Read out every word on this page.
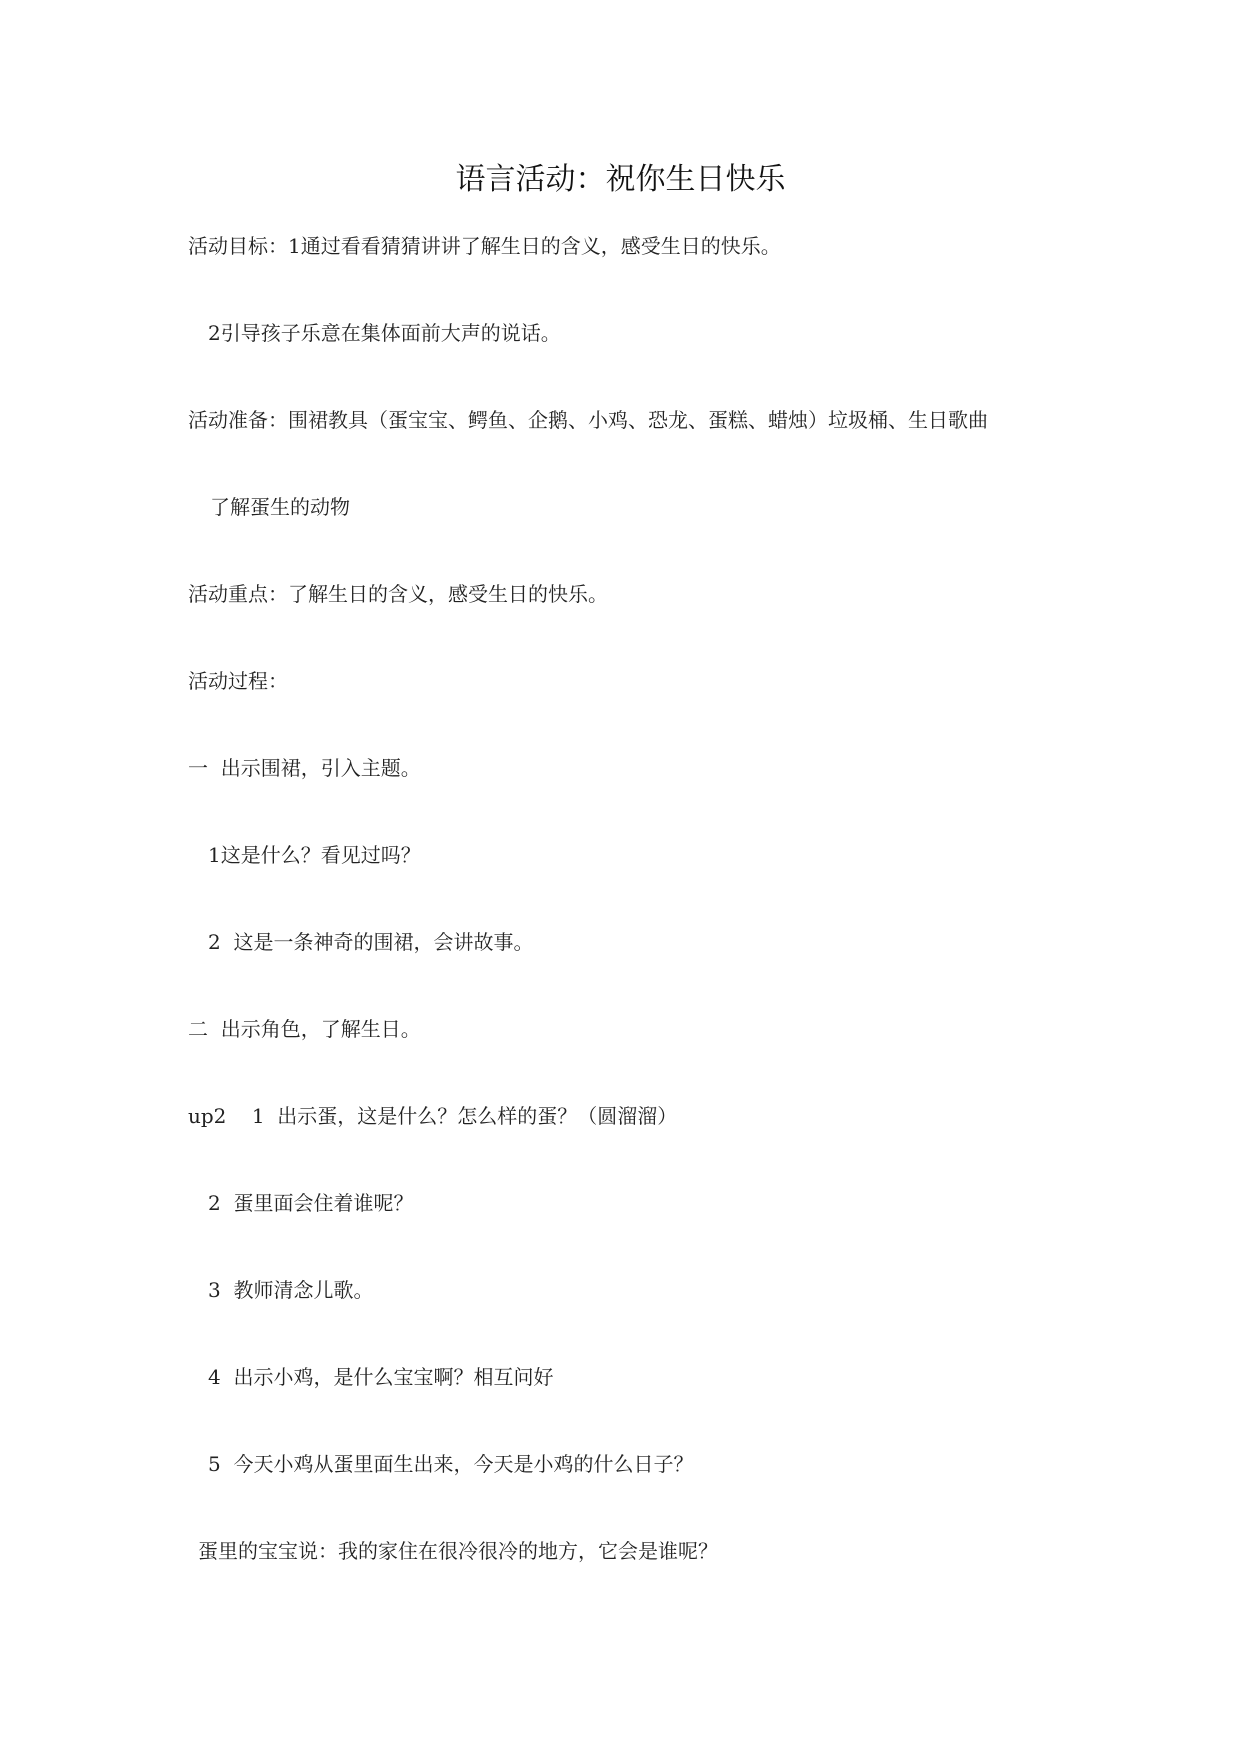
语言活动：祝你生日快乐

活动目标：1通过看看猜猜讲讲了解生日的含义，感受生日的快乐。

2引导孩子乐意在集体面前大声的说话。

活动准备：围裙教具（蛋宝宝、鳄鱼、企鹅、小鸡、恐龙、蛋糕、蜡烛）垃圾桶、生日歌曲

了解蛋生的动物

活动重点：了解生日的含义，感受生日的快乐。

活动过程：

一  出示围裙，引入主题。

1这是什么？看见过吗？

2  这是一条神奇的围裙，会讲故事。

二  出示角色，了解生日。

up2    1  出示蛋，这是什么？怎么样的蛋？（圆溜溜）

2  蛋里面会住着谁呢？

3  教师清念儿歌。

4  出示小鸡，是什么宝宝啊？相互问好

5  今天小鸡从蛋里面生出来，今天是小鸡的什么日子？

蛋里的宝宝说：我的家住在很冷很冷的地方，它会是谁呢？
